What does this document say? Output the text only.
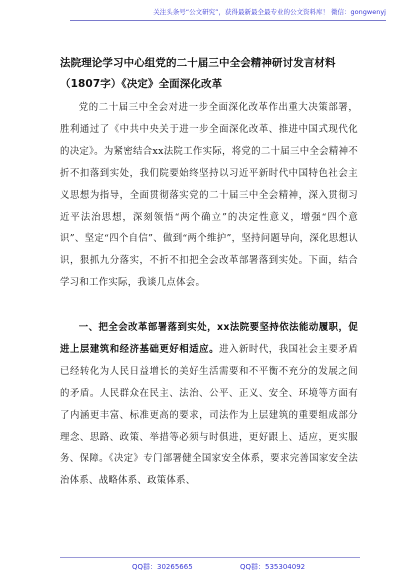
关注头条号“公文研究”，获得最新最全最专业的公文资料库！ 微信：gongwenyj
法院理论学习中心组党的二十届三中全会精神研讨发言材料（1807字）《决定》全面深化改革
党的二十届三中全会对进一步全面深化改革作出重大决策部署，胜利通过了《中共中央关于进一步全面深化改革、推进中国式现代化的决定》。为紧密结合xx法院工作实际，将党的二十届三中全会精神不折不扣落到实处，我们院要始终坚持以习近平新时代中国特色社会主义思想为指导，全面贯彻落实党的二十届三中全会精神，深入贯彻习近平法治思想，深刻领悟“两个确立”的决定性意义，增强“四个意识”、坚定“四个自信”、做到“两个维护”，坚持问题导向，深化思想认识，狠抓九分落实，不折不扣把全会改革部署落到实处。下面，结合学习和工作实际，我谈几点体会。
一、把全会改革部署落到实处，xx法院要坚持依法能动履职，促进上层建筑和经济基础更好相适应。进入新时代，我国社会主要矛盾已经转化为人民日益增长的美好生活需要和不平衡不充分的发展之间的矛盾。人民群众在民主、法治、公平、正义、安全、环境等方面有了内涵更丰富、标准更高的要求，司法作为上层建筑的重要组成部分理念、思路、政策、举措等必须与时俱进，更好跟上、适应，更实服务、保障。《决定》专门部署健全国家安全体系，要求完善国家安全法治体系、战略体系、政策体系、
QQ群：30265665	QQ群：535304092
